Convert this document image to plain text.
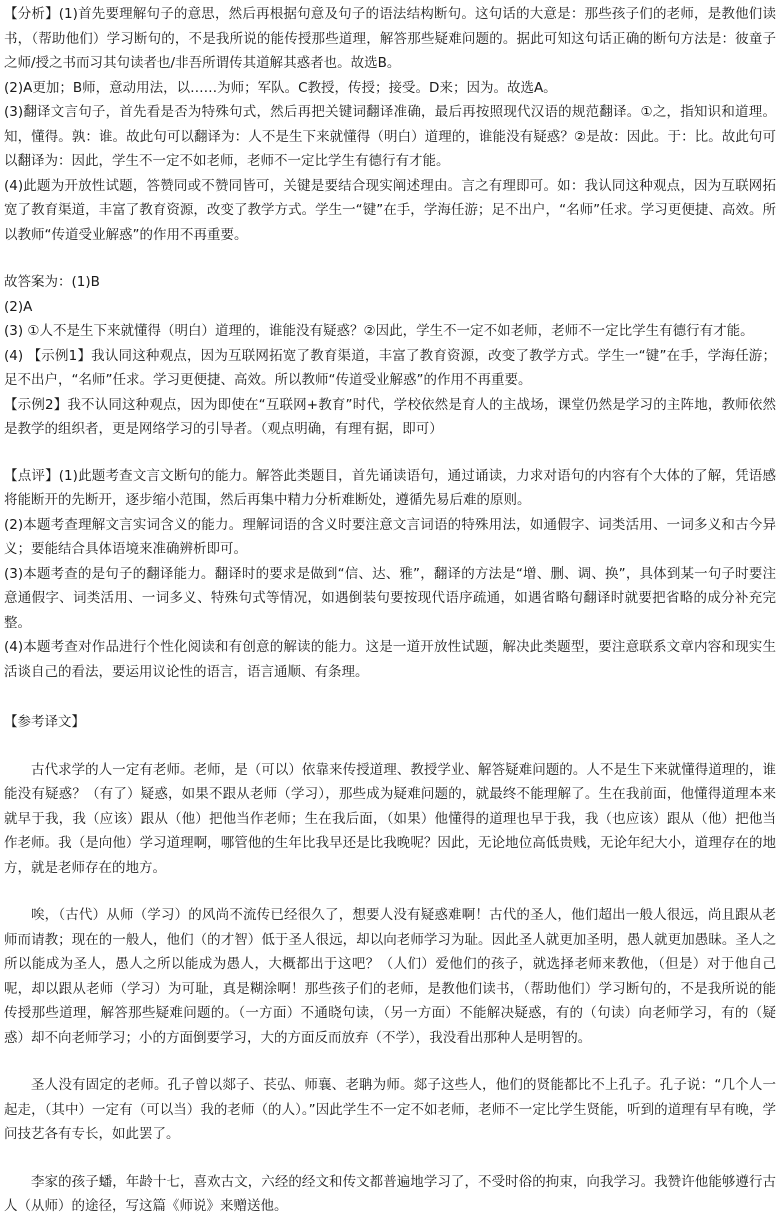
【分析】(1)首先要理解句子的意思，然后再根据句意及句子的语法结构断句。这句话的大意是：那些孩子们的老师，是教他们读书，（帮助他们）学习断句的，不是我所说的能传授那些道理，解答那些疑难问题的。据此可知这句话正确的断句方法是：彼童子之师/授之书而习其句读者也/非吾所谓传其道解其惑者也。故选B。

(2)A更加；B师，意动用法，以……为师；军队。C教授，传授；接受。D来；因为。故选A。

(3)翻译文言句子，首先看是否为特殊句式，然后再把关键词翻译准确，最后再按照现代汉语的规范翻译。①之，指知识和道理。知，懂得。孰：谁。故此句可以翻译为：人不是生下来就懂得（明白）道理的，谁能没有疑惑？②是故：因此。于：比。故此句可以翻译为：因此，学生不一定不如老师，老师不一定比学生有德行有才能。

(4)此题为开放性试题，答赞同或不赞同皆可，关键是要结合现实阐述理由。言之有理即可。如：我认同这种观点，因为互联网拓宽了教育渠道，丰富了教育资源，改变了教学方式。学生一“键”在手，学海任游；足不出户，“名师”任求。学习更便捷、高效。所以教师“传道受业解惑”的作用不再重要。

故答案为：(1)B

(2)A

(3) ①人不是生下来就懂得（明白）道理的，谁能没有疑惑？②因此，学生不一定不如老师，老师不一定比学生有德行有才能。

(4) 【示例1】我认同这种观点，因为互联网拓宽了教育渠道，丰富了教育资源，改变了教学方式。学生一“键”在手，学海任游；足不出户，“名师”任求。学习更便捷、高效。所以教师“传道受业解惑”的作用不再重要。

【示例2】我不认同这种观点，因为即使在“互联网+教育”时代，学校依然是育人的主战场，课堂仍然是学习的主阵地，教师依然是教学的组织者，更是网络学习的引导者。（观点明确，有理有据，即可）

【点评】(1)此题考查文言文断句的能力。解答此类题目，首先诵读语句，通过诵读，力求对语句的内容有个大体的了解，凭语感将能断开的先断开，逐步缩小范围，然后再集中精力分析难断处，遵循先易后难的原则。

(2)本题考查理解文言实词含义的能力。理解词语的含义时要注意文言词语的特殊用法，如通假字、词类活用、一词多义和古今异义；要能结合具体语境来准确辨析即可。

(3)本题考查的是句子的翻译能力。翻译时的要求是做到“信、达、雅”，翻译的方法是“增、删、调、换”，具体到某一句子时要注意通假字、词类活用、一词多义、特殊句式等情况，如遇倒装句要按现代语序疏通，如遇省略句翻译时就要把省略的成分补充完整。

(4)本题考查对作品进行个性化阅读和有创意的解读的能力。这是一道开放性试题，解决此类题型，要注意联系文章内容和现实生活谈自己的看法，要运用议论性的语言，语言通顺、有条理。

【参考译文】

古代求学的人一定有老师。老师，是（可以）依靠来传授道理、教授学业、解答疑难问题的。人不是生下来就懂得道理的，谁能没有疑惑？（有了）疑惑，如果不跟从老师（学习），那些成为疑难问题的，就最终不能理解了。生在我前面，他懂得道理本来就早于我，我（应该）跟从（他）把他当作老师；生在我后面，（如果）他懂得的道理也早于我，我（也应该）跟从（他）把他当作老师。我（是向他）学习道理啊，哪管他的生年比我早还是比我晚呢？因此，无论地位高低贵贱，无论年纪大小，道理存在的地方，就是老师存在的地方。

唉，（古代）从师（学习）的风尚不流传已经很久了，想要人没有疑惑难啊！古代的圣人，他们超出一般人很远，尚且跟从老师而请教；现在的一般人，他们（的才智）低于圣人很远，却以向老师学习为耻。因此圣人就更加圣明，愚人就更加愚昧。圣人之所以能成为圣人，愚人之所以能成为愚人，大概都出于这吧？（人们）爱他们的孩子，就选择老师来教他，（但是）对于他自己呢，却以跟从老师（学习）为可耻，真是糊涂啊！那些孩子们的老师，是教他们读书，（帮助他们）学习断句的，不是我所说的能传授那些道理，解答那些疑难问题的。（一方面）不通晓句读，（另一方面）不能解决疑惑，有的（句读）向老师学习，有的（疑惑）却不向老师学习；小的方面倒要学习，大的方面反而放弃（不学），我没看出那种人是明智的。

圣人没有固定的老师。孔子曾以郯子、苌弘、师襄、老聃为师。郯子这些人，他们的贤能都比不上孔子。孔子说：“几个人一起走，（其中）一定有（可以当）我的老师（的人）。”因此学生不一定不如老师，老师不一定比学生贤能，听到的道理有早有晚，学问技艺各有专长，如此罢了。

李家的孩子蟠，年龄十七，喜欢古文，六经的经文和传文都普遍地学习了，不受时俗的拘束，向我学习。我赞许他能够遵行古人（从师）的途径，写这篇《师说》来赠送他。
